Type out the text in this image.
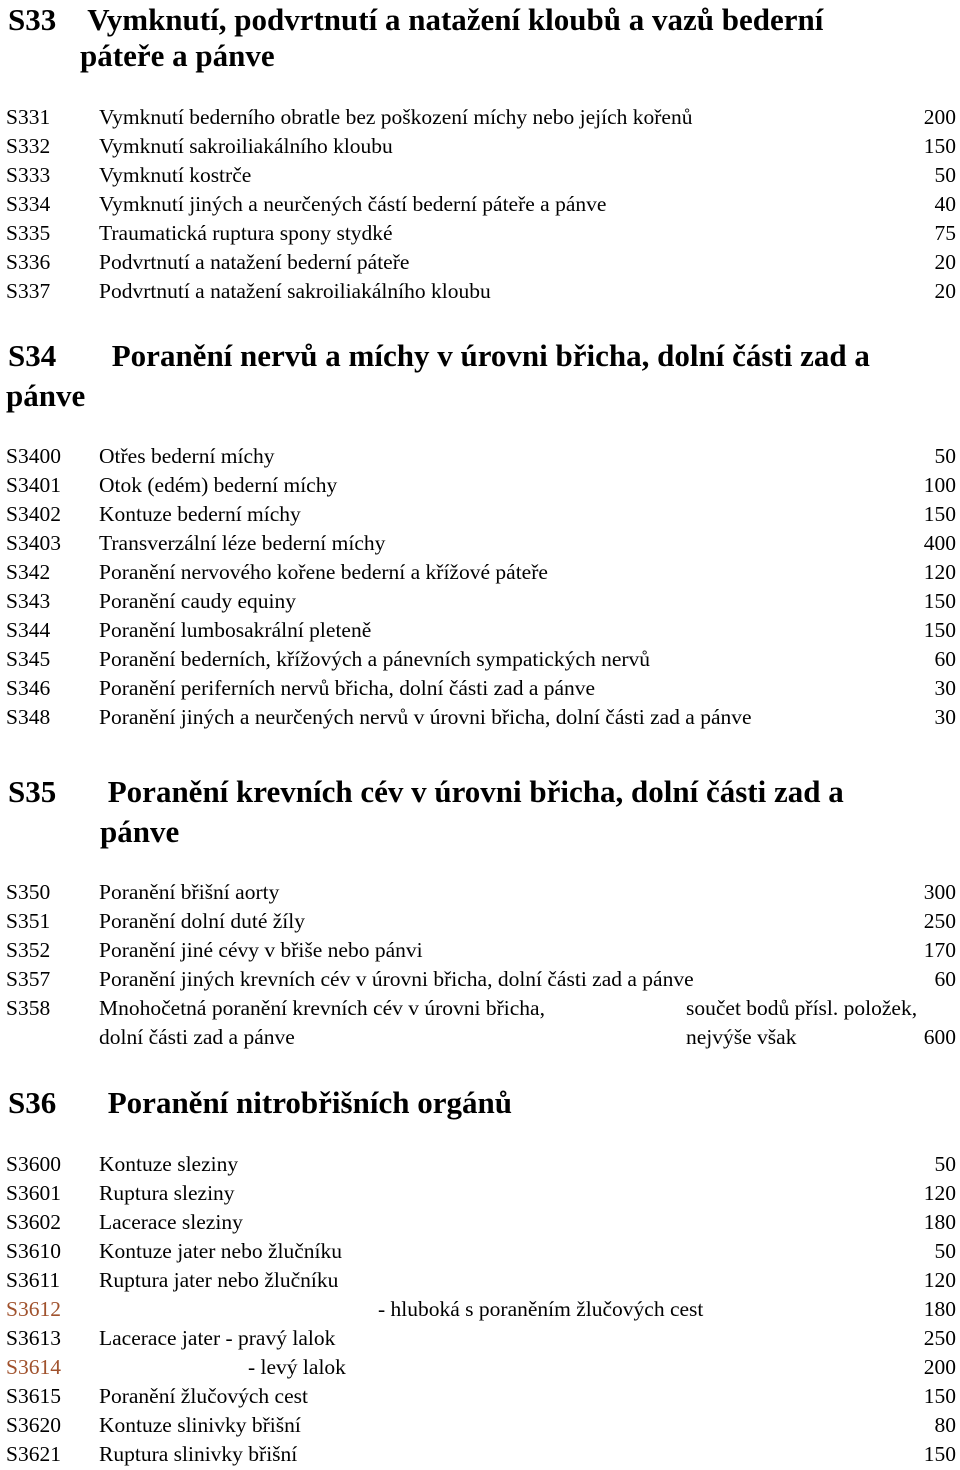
S33 Vymknutí, podvrtnutí a natažení kloubů a vazů bederní
páteře a pánve
S331 Vymknutí bederního obratle bez poškození míchy nebo jejích kořenů	200
S332 Vymknutí sakroiliakálního kloubu	150
S333 Vymknutí kostrče	50
S334 Vymknutí jiných a neurčených částí bederní páteře a pánve	40
S335 Traumatická ruptura spony stydké	75
S336 Podvrtnutí a natažení bederní páteře	20
S337 Podvrtnutí a natažení sakroiliakálního kloubu	20
S34 Poranění nervů a míchy v úrovni břicha, dolní části zad a
pánve
S3400 Otřes bederní míchy	50
S3401 Otok (edém) bederní míchy	100
S3402 Kontuze bederní míchy	150
S3403 Transverzální léze bederní míchy	400
S342 Poranění nervového kořene bederní a křížové páteře	120
S343 Poranění caudy equiny	150
S344 Poranění lumbosakrální pleteně	150
S345 Poranění bederních, křížových a pánevních sympatických nervů	60
S346 Poranění periferních nervů břicha, dolní části zad a pánve	30
S348 Poranění jiných a neurčených nervů v úrovni břicha, dolní části zad a pánve	30
S35 Poranění krevních cév v úrovni břicha, dolní části zad a
pánve
S350 Poranění břišní aorty	300
S351 Poranění dolní duté žíly	250
S352 Poranění jiné cévy v břiše nebo pánvi	170
S357 Poranění jiných krevních cév v úrovni břicha, dolní části zad a pánve	60
S358 Mnohočetná poranění krevních cév v úrovni břicha,	součet bodů přísl. položek,
dolní části zad a pánve	nejvýše však	600
S36 Poranění nitrobřišních orgánů
S3600 Kontuze sleziny	50
S3601 Ruptura sleziny	120
S3602 Lacerace sleziny	180
S3610 Kontuze jater nebo žlučníku	50
S3611 Ruptura jater nebo žlučníku	120
S3612	- hluboká s poraněním žlučových cest	180
S3613 Lacerace jater - pravý lalok	250
S3614	- levý lalok	200
S3615 Poranění žlučových cest	150
S3620 Kontuze slinivky břišní	80
S3621 Ruptura slinivky břišní	150
